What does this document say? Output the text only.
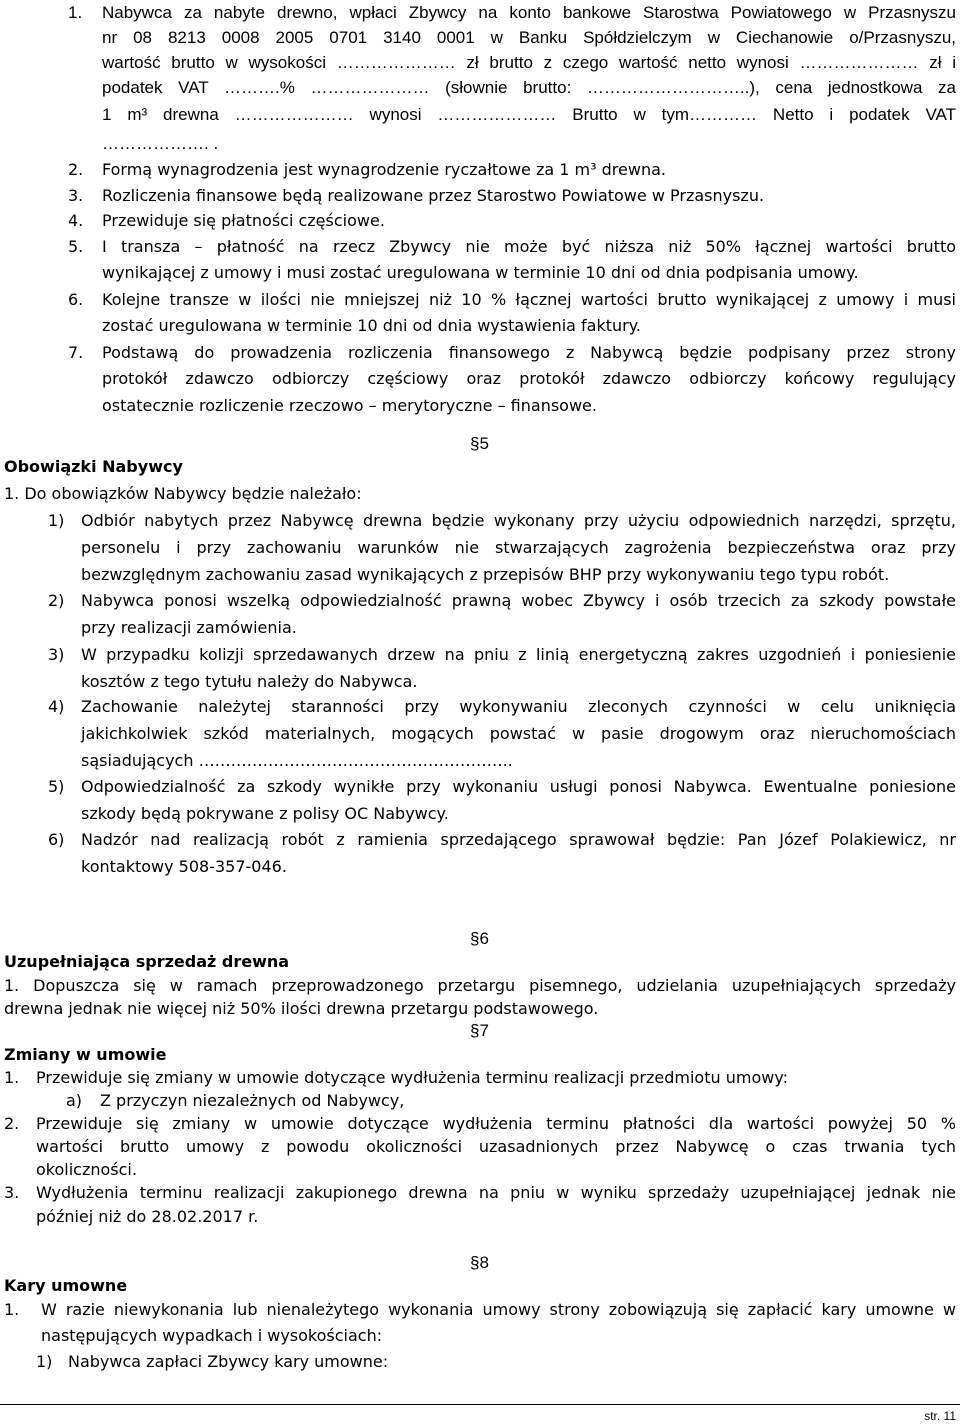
1. Nabywca za nabyte drewno, wpłaci Zbywcy na konto bankowe Starostwa Powiatowego w Przasnyszu
nr 08 8213 0008 2005 0701 3140 0001 w Banku Spółdzielczym w Ciechanowie o/Przasnyszu,
wartość brutto w wysokości ………………… zł brutto z czego wartość netto wynosi ………………… zł i
podatek VAT ……….% ………………… (słownie brutto: ………………………..), cena jednostkowa za
1 m³ drewna ………………… wynosi ………………… Brutto w tym………… Netto i podatek VAT
………………. .
2. Formą wynagrodzenia jest wynagrodzenie ryczałtowe za 1 m³ drewna.
3. Rozliczenia finansowe będą realizowane przez Starostwo Powiatowe w Przasnyszu.
4. Przewiduje się płatności częściowe.
5. I transza – płatność na rzecz Zbywcy nie może być niższa niż 50% łącznej wartości brutto
wynikającej z umowy i musi zostać uregulowana w terminie 10 dni od dnia podpisania umowy.
6. Kolejne transze w ilości nie mniejszej niż 10 % łącznej wartości brutto wynikającej z umowy i musi
zostać uregulowana w terminie 10 dni od dnia wystawienia faktury.
7. Podstawą do prowadzenia rozliczenia finansowego z Nabywcą będzie podpisany przez strony
protokół zdawczo odbiorczy częściowy oraz protokół zdawczo odbiorczy końcowy regulujący
ostatecznie rozliczenie rzeczowo – merytoryczne – finansowe.
§5
Obowiązki Nabywcy
1. Do obowiązków Nabywcy będzie należało:
1) Odbiór nabytych przez Nabywcę drewna będzie wykonany przy użyciu odpowiednich narzędzi, sprzętu,
personelu i przy zachowaniu warunków nie stwarzających zagrożenia bezpieczeństwa oraz przy
bezwzględnym zachowaniu zasad wynikających z przepisów BHP przy wykonywaniu tego typu robót.
2) Nabywca ponosi wszelką odpowiedzialność prawną wobec Zbywcy i osób trzecich za szkody powstałe
przy realizacji zamówienia.
3) W przypadku kolizji sprzedawanych drzew na pniu z linią energetyczną zakres uzgodnień i poniesienie
kosztów z tego tytułu należy do Nabywca.
4) Zachowanie należytej staranności przy wykonywaniu zleconych czynności w celu uniknięcia
jakichkolwiek szkód materialnych, mogących powstać w pasie drogowym oraz nieruchomościach
sąsiadujących …………………………………………………..
5) Odpowiedzialność za szkody wynikłe przy wykonaniu usługi ponosi Nabywca. Ewentualne poniesione
szkody będą pokrywane z polisy OC Nabywcy.
6) Nadzór nad realizacją robót z ramienia sprzedającego sprawował będzie: Pan Józef Polakiewicz, nr
kontaktowy 508-357-046.
§6
Uzupełniająca sprzedaż drewna
1. Dopuszcza się w ramach przeprowadzonego przetargu pisemnego, udzielania uzupełniających sprzedaży
drewna jednak nie więcej niż 50% ilości drewna przetargu podstawowego.
§7
Zmiany w umowie
1. Przewiduje się zmiany w umowie dotyczące wydłużenia terminu realizacji przedmiotu umowy:
a) Z przyczyn niezależnych od Nabywcy,
2. Przewiduje się zmiany w umowie dotyczące wydłużenia terminu płatności dla wartości powyżej 50 %
wartości brutto umowy z powodu okoliczności uzasadnionych przez Nabywcę o czas trwania tych
okoliczności.
3. Wydłużenia terminu realizacji zakupionego drewna na pniu w wyniku sprzedaży uzupełniającej jednak nie
później niż do 28.02.2017 r.
§8
Kary umowne
1. W razie niewykonania lub nienależytego wykonania umowy strony zobowiązują się zapłacić kary umowne w
następujących wypadkach i wysokościach:
1) Nabywca zapłaci Zbywcy kary umowne:
str. 11
